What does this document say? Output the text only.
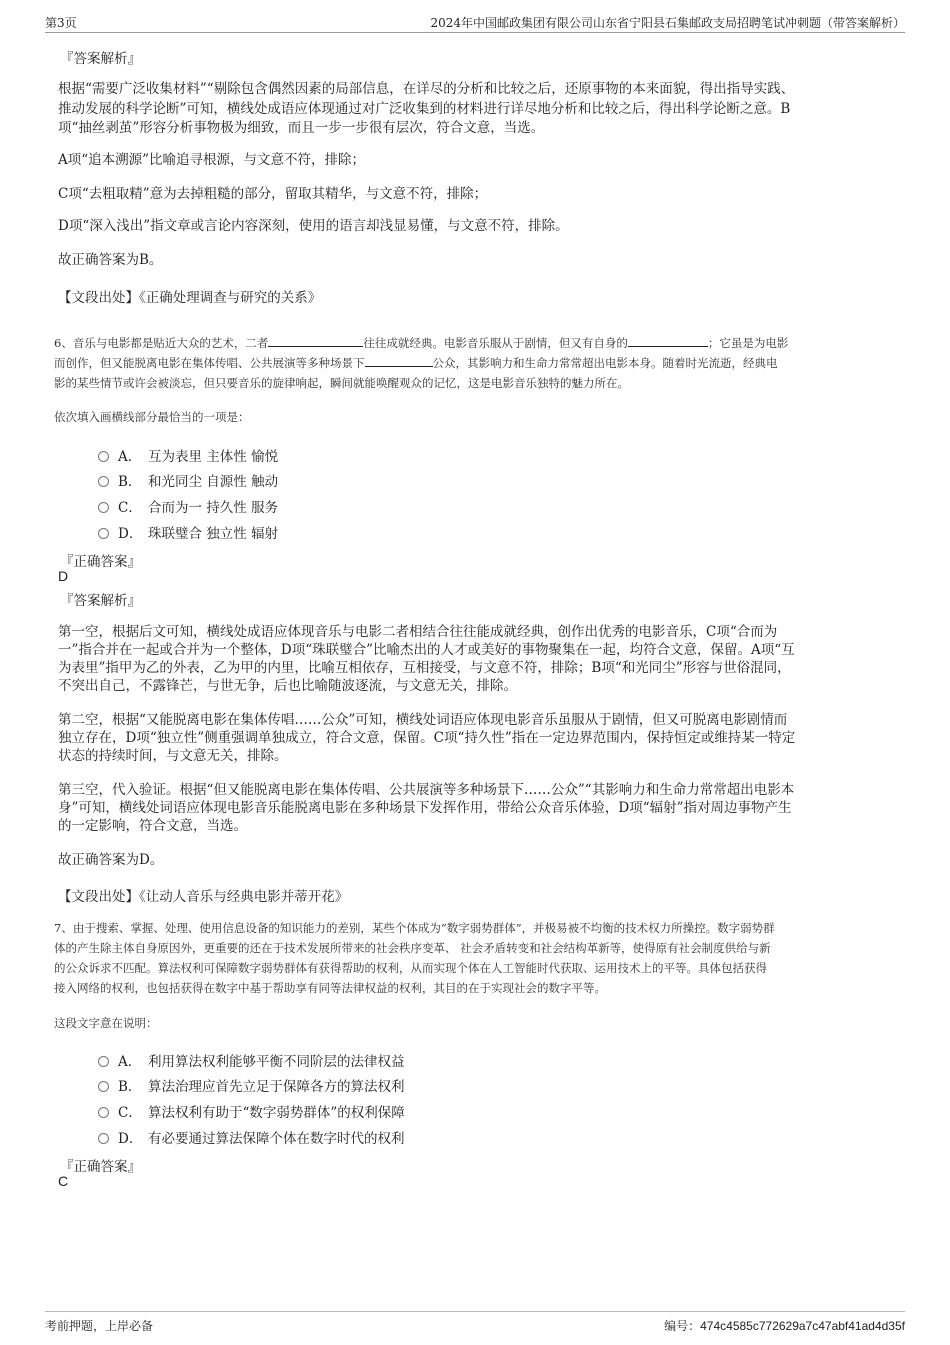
第3页	2024年中国邮政集团有限公司山东省宁阳县石集邮政支局招聘笔试冲刺题（带答案解析）
『答案解析』
根据“需要广泛收集材料”“剔除包含偶然因素的局部信息，在详尽的分析和比较之后，还原事物的本来面貌，得出指导实践、
推动发展的科学论断”可知，横线处成语应体现通过对广泛收集到的材料进行详尽地分析和比较之后，得出科学论断之意。B
项“抽丝剥茧”形容分析事物极为细致，而且一步一步很有层次，符合文意，当选。
A项“追本溯源”比喻追寻根源，与文意不符，排除；
C项“去粗取精”意为去掉粗糙的部分，留取其精华，与文意不符，排除；
D项“深入浅出”指文章或言论内容深刻，使用的语言却浅显易懂，与文意不符，排除。
故正确答案为B。
【文段出处】《正确处理调查与研究的关系》
6、音乐与电影都是贴近大众的艺术，二者	往往成就经典。电影音乐服从于剧情，但又有自身的	；它虽是为电影
而创作，但又能脱离电影在集体传唱、公共展演等多种场景下	公众，其影响力和生命力常常超出电影本身。随着时光流逝，经典电
影的某些情节或许会被淡忘，但只要音乐的旋律响起，瞬间就能唤醒观众的记忆，这是电影音乐独特的魅力所在。
依次填入画横线部分最恰当的一项是：
A． 互为表里 主体性 愉悦
B． 和光同尘 自源性 触动
C． 合而为一 持久性 服务
D． 珠联璧合 独立性 辐射
『正确答案』
D
『答案解析』
第一空，根据后文可知，横线处成语应体现音乐与电影二者相结合往往能成就经典，创作出优秀的电影音乐，C项“合而为
一”指合并在一起或合并为一个整体，D项“珠联璧合”比喻杰出的人才或美好的事物聚集在一起，均符合文意，保留。A项“互
为表里”指甲为乙的外表，乙为甲的内里，比喻互相依存，互相接受，与文意不符，排除；B项“和光同尘”形容与世俗混同，
不突出自己，不露锋芒，与世无争，后也比喻随波逐流，与文意无关，排除。
第二空，根据“又能脱离电影在集体传唱……公众”可知，横线处词语应体现电影音乐虽服从于剧情，但又可脱离电影剧情而
独立存在，D项“独立性”侧重强调单独成立，符合文意，保留。C项“持久性”指在一定边界范围内，保持恒定或维持某一特定
状态的持续时间，与文意无关，排除。
第三空，代入验证。根据“但又能脱离电影在集体传唱、公共展演等多种场景下……公众”“其影响力和生命力常常超出电影本
身”可知，横线处词语应体现电影音乐能脱离电影在多种场景下发挥作用，带给公众音乐体验，D项“辐射”指对周边事物产生
的一定影响，符合文意，当选。
故正确答案为D。
【文段出处】《让动人音乐与经典电影并蒂开花》
7、由于搜索、掌握、处理、使用信息设备的知识能力的差别，某些个体成为“数字弱势群体”，并极易被不均衡的技术权力所操控。数字弱势群
体的产生除主体自身原因外，更重要的还在于技术发展所带来的社会秩序变革、 社会矛盾转变和社会结构革新等，使得原有社会制度供给与新
的公众诉求不匹配。算法权利可保障数字弱势群体有获得帮助的权利，从而实现个体在人工智能时代获取、运用技术上的平等。具体包括获得
接入网络的权利，也包括获得在数字中基于帮助享有同等法律权益的权利，其目的在于实现社会的数字平等。
这段文字意在说明：
A． 利用算法权利能够平衡不同阶层的法律权益
B． 算法治理应首先立足于保障各方的算法权利
C． 算法权利有助于“数字弱势群体”的权利保障
D． 有必要通过算法保障个体在数字时代的权利
『正确答案』
C
考前押题，上岸必备	编号：474c4585c772629a7c47abf41ad4d35f
